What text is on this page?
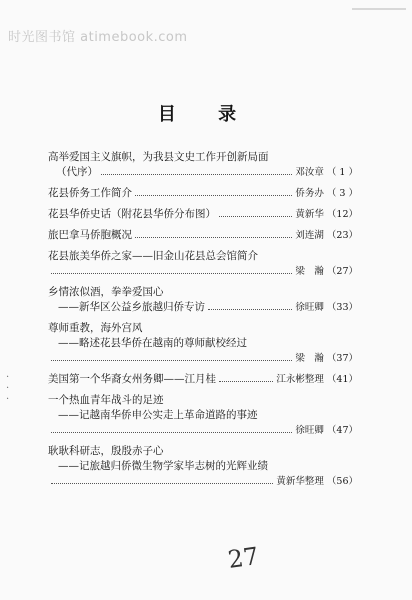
时光图书馆 atimebook.com
目 录
·
·
·
高举爱国主义旗帜，为我县文史工作开创新局面
（代序）	邓汝章 （ 1 ）
花县侨务工作简介	侨务办 （ 3 ）
花县华侨史话（附花县华侨分布图）	黄新华 （12）
旅巴拿马侨胞概况	刘连湖 （23）
花县旅美华侨之家——旧金山花县总会馆简介
梁　瀚 （27）
乡情浓似酒，拳拳爱国心
——新华区公益乡旅越归侨专访	徐旺卿 （33）
尊师重教，海外宫风
——略述花县华侨在越南的尊师献校经过
梁　瀚 （37）
美国第一个华裔女州务卿——江月桂	江永彬整理 （41）
一个热血青年战斗的足迹
——记越南华侨申公实走上革命道路的事迹
徐旺卿 （47）
耿耿科研志，殷殷赤子心
——记旅越归侨微生物学家毕志树的光辉业绩
黄新华整理 （56）
27
